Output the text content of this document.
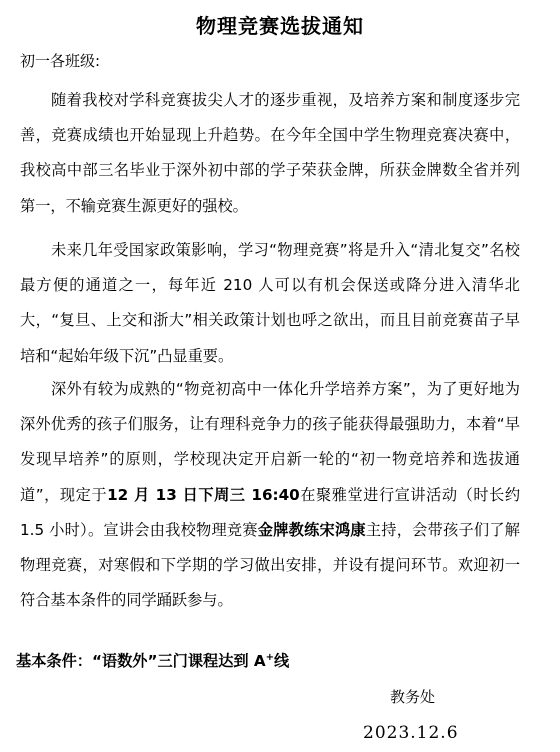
物理竞赛选拔通知
初一各班级:

随着我校对学科竞赛拔尖人才的逐步重视，及培养方案和制度逐步完善，竞赛成绩也开始显现上升趋势。在今年全国中学生物理竞赛决赛中，我校高中部三名毕业于深外初中部的学子荣获金牌，所获金牌数全省并列第一，不输竞赛生源更好的强校。

未来几年受国家政策影响，学习“物理竞赛”将是升入“清北复交”名校最方便的通道之一，每年近 210 人可以有机会保送或降分进入清华北大，“复旦、上交和浙大”相关政策计划也呼之欲出，而且目前竞赛苗子早培和“起始年级下沉”凸显重要。

深外有较为成熟的“物竞初高中一体化升学培养方案”，为了更好地为深外优秀的孩子们服务，让有理科竞争力的孩子能获得最强助力，本着“早发现早培养”的原则，学校现决定开启新一轮的“初一物竞培养和选拔通道”，现定于12 月 13 日下周三 16:40在聚雅堂进行宣讲活动（时长约 1.5 小时）。宣讲会由我校物理竞赛金牌教练宋鸿康主持，会带孩子们了解物理竞赛，对寒假和下学期的学习做出安排，并设有提问环节。欢迎初一符合基本条件的同学踊跃参与。

基本条件：“语数外”三门课程达到 A+线
教务处
2023.12.6
